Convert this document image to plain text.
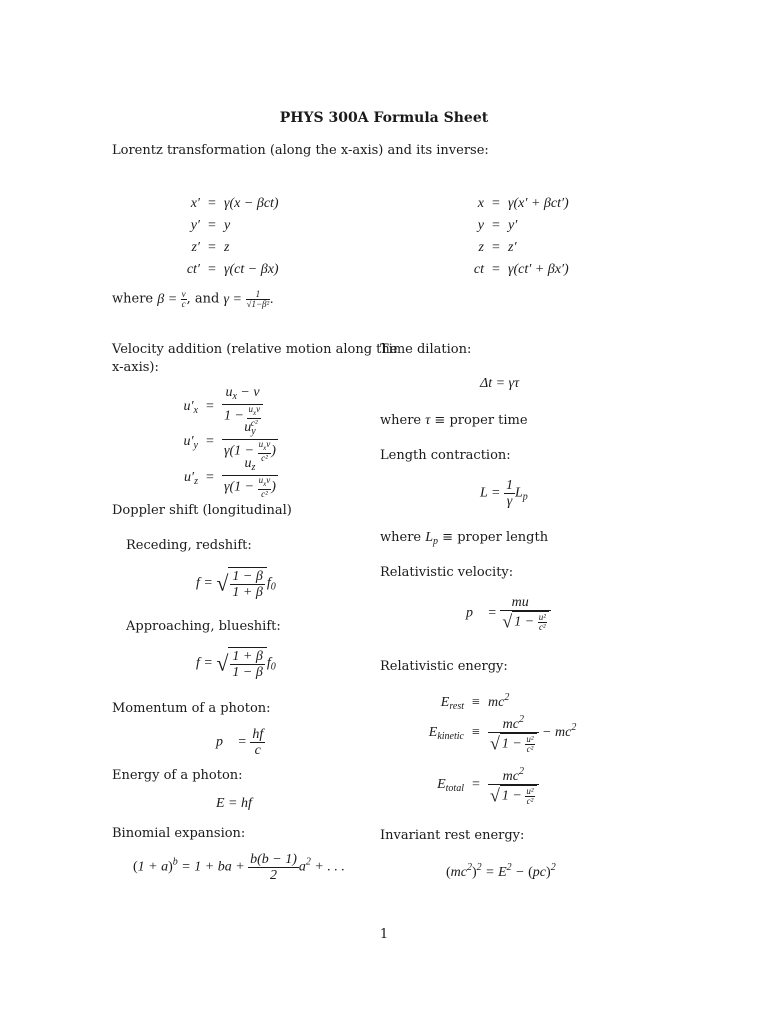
PHYS 300A Formula Sheet
Lorentz transformation (along the x-axis) and its inverse:
x′ = γ(x − βct)
y′ = y
z′ = z
ct′ = γ(ct − βx)
x = γ(x′ + βct′)
y = y′
z = z′
ct = γ(ct′ + βx′)
where $\beta = \frac{v}{c}$ , and $\gamma = \frac{1}{\text{√1−β²}}$ .
Velocity addition (relative motion along the
x-axis):
$u'_x = \frac{u_x - v}{1 - \frac{u_xv}{\text{c²}}}$
$u'_y = \frac{u_y}{\gamma(1 - \frac{u_xv}{\text{c²}} )}$
$u'_z = \frac{u_z}{\gamma(1 - \frac{u_xv}{\text{c²}} )}$
Doppler shift (longitudinal)
Receding, redshift:
f = √ $\frac{1 - \beta}{1 + \beta} f_0$
Approaching, blueshift:
f = √ $\frac{1 + \beta}{1 - \beta} f_0$
Momentum of a photon:
p⃗ = $\frac{hf}{c}$
Energy of a photon:
E = hf
Binomial expansion:
$(1 + a)^b = 1$ + ba + $\frac{b(b - 1)}{2} a^2$ + . . .
Time dilation:
Δt = γτ
where τ ≡ proper time
Length contraction:
$L = \frac{1}{\gamma} L_p$
where $L_p$ ≡ proper length
Relativistic velocity:
p⃗ = $\frac{mu⃗}{√ 1 - \frac{\text{u²}}{\text{c²}}}$
Relativistic energy:
$E_{rest} \equiv mc^2$
$E_{kinetic} \equiv \frac{mc^2}{√ 1 - \frac{\text{u²}}{\text{c²}}} - mc^2$
$E_{total} = \frac{mc^2}{√ 1 - \frac{\text{u²}}{\text{c²}}}$
Invariant rest energy:
$(mc^2)^2 = E^2 - (pc)^2$
1
